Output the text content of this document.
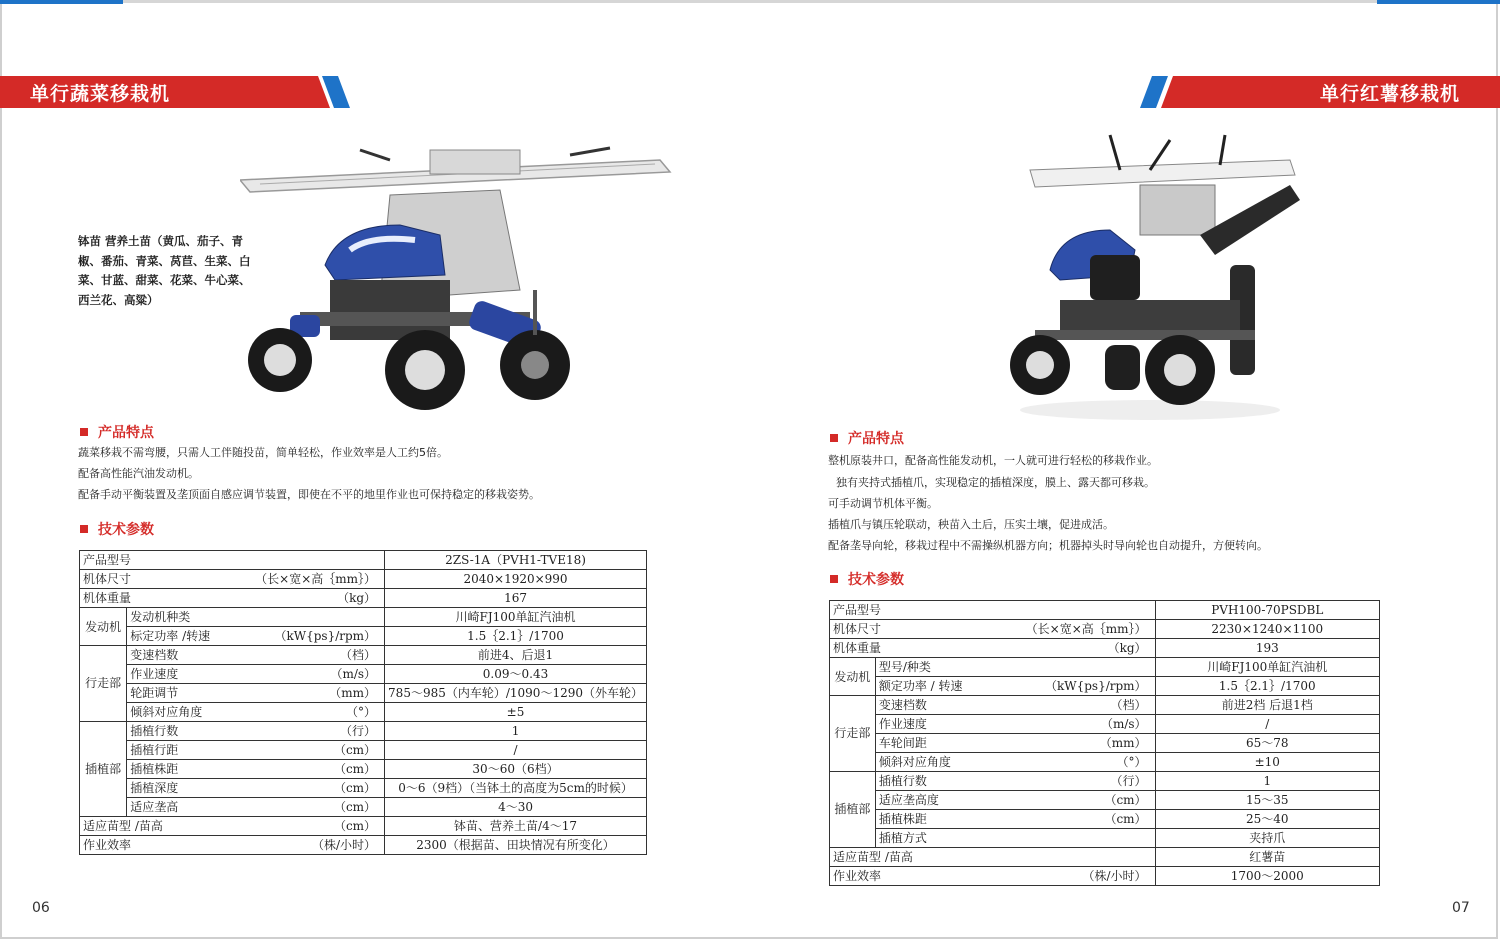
单行蔬菜移栽机	单行红薯移栽机
钵苗 营养土苗（黄瓜、茄子、青椒、番茄、青菜、莴苣、生菜、白菜、甘蓝、甜菜、花菜、牛心菜、西兰花、高粱）
产品特点
蔬菜移栽不需弯腰，只需人工伴随投苗，简单轻松，作业效率是人工约5倍。
配备高性能汽油发动机。
配备手动平衡装置及垄顶面自感应调节装置，即使在不平的地里作业也可保持稳定的移栽姿势。
技术参数
产品型号			2ZS-1A（PVH1-TVE18)
机体尺寸		（长×宽×高｛mm｝）	2040×1920×990
机体重量		（kg）	167
发动机	发动机种类		川崎FJ100单缸汽油机
	标定功率 /转速	（kW{ps}/rpm）	1.5｛2.1｝/1700
行走部	变速档数	（档）	前进4、后退1
	作业速度	（m/s）	0.09～0.43
	轮距调节	（mm）	785～985（内车轮）/1090～1290（外车轮）
	倾斜对应角度	（°）	±5
插植部	插植行数	（行）	1
	插植行距	（cm）	/
	插植株距	（cm）	30～60（6档）
	插植深度	（cm）	0～6（9档）（当钵土的高度为5cm的时候）
	适应垄高	（cm）	4～30
适应苗型 /苗高		（cm）	钵苗、营养土苗/4～17
作业效率		（株/小时）	2300（根据苗、田块情况有所变化）
产品特点
整机原装井口，配备高性能发动机，一人就可进行轻松的移栽作业。
独有夹持式插植爪，实现稳定的插植深度，膜上、露天都可移栽。
可手动调节机体平衡。
插植爪与镇压轮联动，秧苗入土后，压实土壤，促进成活。
配备垄导向轮，移栽过程中不需操纵机器方向；机器掉头时导向轮也自动提升，方便转向。
技术参数
产品型号			PVH100-70PSDBL
机体尺寸		（长×宽×高｛mm｝）	2230×1240×1100
机体重量		（kg）	193
发动机	型号/种类		川崎FJ100单缸汽油机
	额定功率 / 转速	（kW{ps}/rpm）	1.5｛2.1｝/1700
行走部	变速档数	（档）	前进2档 后退1档
	作业速度	（m/s）	/
	车轮间距	（mm）	65～78
	倾斜对应角度	（°）	±10
插植部	插植行数	（行）	1
	适应垄高度	（cm）	15～35
	插植株距	（cm）	25～40
	插植方式		夹持爪
适应苗型 /苗高			红薯苗
作业效率		（株/小时）	1700～2000
06	07
